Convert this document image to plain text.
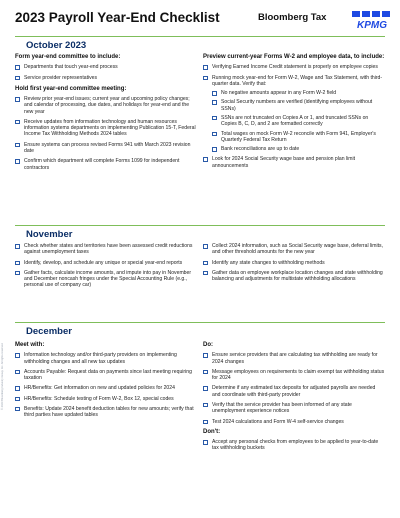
2023 Payroll Year-End Checklist	Bloomberg Tax
KPMG
© 2023 Bloomberg Industry Group, Inc. All rights reserved.
October 2023
Form year-end committee to include:
Departments that touch year-end process
Service provider representatives
Hold first year-end committee meeting:
Review prior year-end issues; current year and upcoming policy changes; and calendar of processing, due dates, and holidays for year-end and the new year
Receive updates from information technology and human resources information systems departments on implementing Publication 15-T, Federal Income Tax Withholding Methods 2024 tables
Ensure systems can process revised Forms 941 with March 2023 revision date
Confirm which department will complete Forms 1099 for independent contractors
Preview current-year Forms W-2 and employee data, to include:
Verifying Earned Income Credit statement is properly on employee copies
Running mock year-end for Form W-2, Wage and Tax Statement, with third-quarter data. Verify that:
No negative amounts appear in any Form W-2 field
Social Security numbers are verified (identifying employees without SSNs)
SSNs are not truncated on Copies A or 1, and truncated SSNs on Copies B, C, D, and 2 are formatted correctly
Total wages on mock Form W-2 reconcile with Form 941, Employer's Quarterly Federal Tax Return
Bank reconciliations are up to date
Look for 2024 Social Security wage base and pension plan limit announcements
November
Check whether states and territories have been assessed credit reductions against unemployment taxes
Identify, develop, and schedule any unique or special year-end reports
Gather facts, calculate income amounts, and impute into pay in November and December noncash fringes under the Special Accounting Rule (e.g., personal use of company car)
Collect 2024 information, such as Social Security wage base, deferral limits, and other threshold amounts for the new year
Identify any state changes to withholding methods
Gather data on employee workplace location changes and state withholding balancing and adjustments for multistate withholding allocations
December
Meet with:
Information technology and/or third-party providers on implementing withholding changes and all new tax updates
Accounts Payable: Request data on payments since last meeting requiring taxation
HR/Benefits: Get information on new and updated policies for 2024
HR/Benefits: Schedule testing of Form W-2, Box 12, special codes
Benefits: Update 2024 benefit deduction tables for new amounts; verify that third parties have updated tables
Do:
Ensure service providers that are calculating tax withholding are ready for 2024 changes
Message employees on requirements to claim exempt tax withholding status for 2024
Determine if any estimated tax deposits for adjusted payrolls are needed and coordinate with third-party provider
Verify that the service provider has been informed of any state unemployment experience notices
Test 2024 calculations and Form W-4 self-service changes
Don't:
Accept any personal checks from employees to be applied to year-to-date tax withholding buckets
